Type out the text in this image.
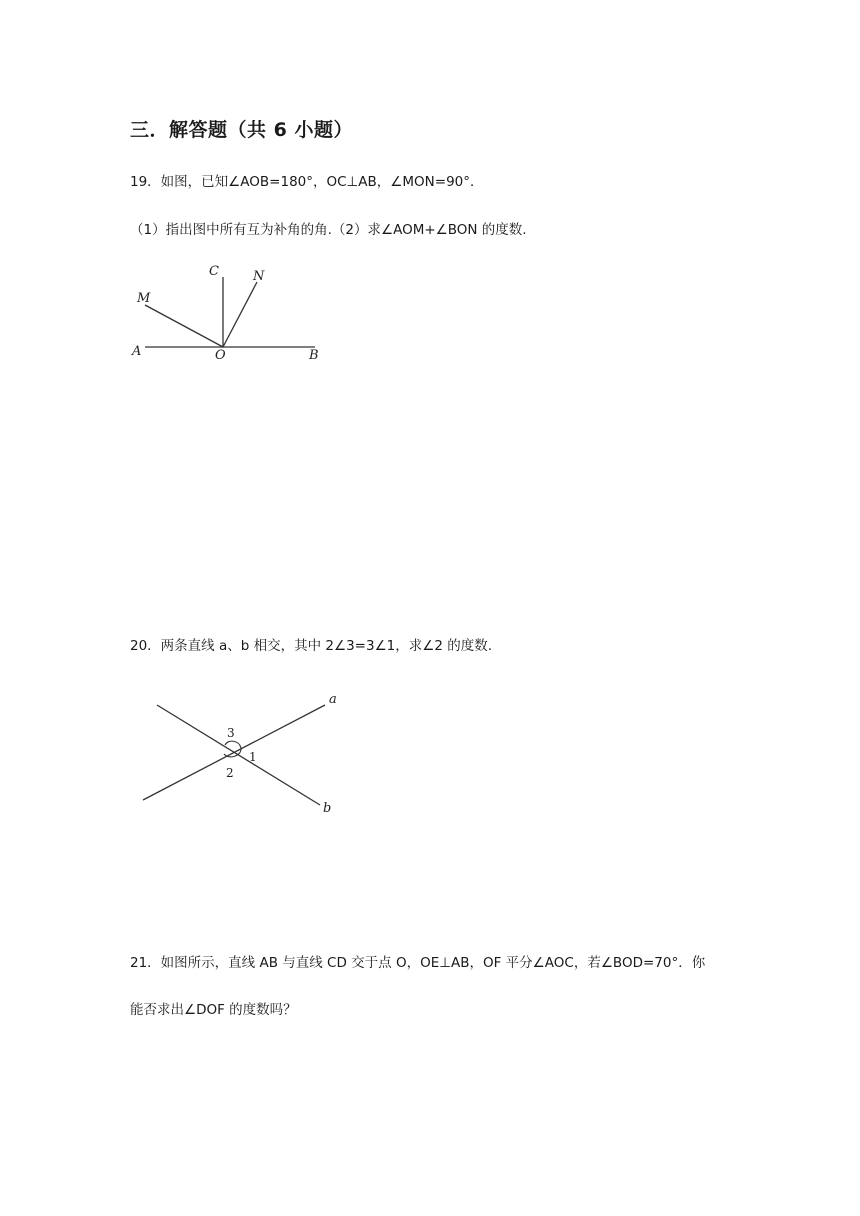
三．解答题（共 6 小题）
19．如图，已知∠AOB=180°，OC⊥AB，∠MON=90°．
（1）指出图中所有互为补角的角.（2）求∠AOM+∠BON 的度数.
A	O	B
C
M
N
20．两条直线 a、b 相交，其中 2∠3=3∠1，求∠2 的度数.
a
b
3
1
2
21．如图所示，直线 AB 与直线 CD 交于点 O，OE⊥AB，OF 平分∠AOC，若∠BOD=70°．你
能否求出∠DOF 的度数吗？
